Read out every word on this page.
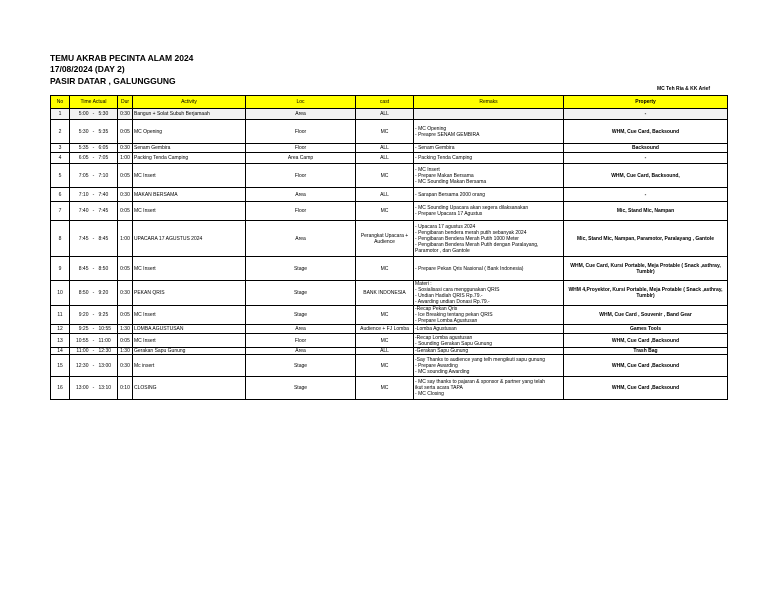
TEMU AKRAB PECINTA ALAM 2024
17/08/2024 (DAY 2)
PASIR DATAR , GALUNGGUNG
MC Teh Ria & KK Arief
No	Time Actual			Dur	Activity	Loc	cast	Remaks	Property
1	5:00	-	5:30	0:30	Bangun + Solat Subuh Berjamaah	Area	ALL		-
2	5:30	-	5:35	0:05	MC Opening	Floor	MC	- MC Opening
- Preapre SENAM GEMBIRA	WHM, Cue Card, Backsound
3	5:35	-	6:05	0:30	Senam Gembira	Floor	ALL	- Senam Gembira	Backsound
4	6:05	-	7:05	1:00	Packing Tenda Camping	Area Camp	ALL	- Packing Tenda Camping	-
5	7:05	-	7:10	0:05	MC Insert	Floor	MC	- MC Insert
- Prepare Makan Bersama
- MC Sounding Makan Bersama	WHM, Cue Card, Backsound,
6	7:10	-	7:40	0:30	MAKAN BERSAMA	Area	ALL	- Sarapan Bersama 2000 orang	-
7	7:40	-	7:45	0:05	MC Insert	Floor	MC	- MC Sounding Upacara akan segera dilaksanakan
- Prepare Upacara 17 Agustus	Mic, Stand Mic, Nampan
8	7:45	-	8:45	1:00	UPACARA 17 AGUSTUS 2024	Area	Perangkat Upacara + Audience	- Upacara 17 agustus 2024
- Pengibaran bendera merah putih sebanyak 2024
- Pengibaran Bendera Merah Putih 1000 Meter
- Pengibaran Bendera Merah Putih dengan Paralayang,
Paramotor , dan Gantole	Mic, Stand Mic, Nampan, Paramotor, Paralayang , Gantole
9	8:45	-	8:50	0:05	MC Insert	Stage	MC	- Prepare Pekan Qris Nasional ( Bank Indonesia)	WHM, Cue Card, Kursi Portable, Meja Protable ( Snack ,asthray, Tumblr)
10	8:50	-	9:20	0:30	PEKAN QRIS	Stage	BANK INDONESIA	Materi :
- Sosialisasi cara menggunakan QRIS
- Undian Hadiah QRIS Rp.79.-
- Awarding undian Donasi Rp.79.-	WHM 4,Proyektor, Kursi Portable, Meja Protable ( Snack ,asthray, Tumblr)
11	9:20	-	9:25	0:05	MC Insert	Stage	MC	-Recap Pekan Qris
- Ice Breaking tentang pekan QRIS
- Prepare Lomba Agustusan	WHM, Cue Card , Souvenir , Band Gear
12	9:25	-	10:55	1:30	LOMBA AGUSTUSAN	Area	Audience + FJ Lomba	-Lomba Agustusan	Games Tools
13	10:55	-	11:00	0:05	MC Insert	Floor	MC	-Recap Lomba agustusan
- Sounding Gerakan Sapu Gunung	WHM, Cue Card ,Backsound
14	11:00	-	12:30	1:30	Gerakan Sapu Gunung	Area	ALL	-Gerakan Sapu Gunung	Trash Bag
15	12:30	-	13:00	0:30	Mc insert	Stage	MC	-Say Thanks to audience yang telh mengikuti sapu gunung
- Prepare Awarding
- MC sounding Awarding	WHM, Cue Card ,Backsound
16	13:00	-	13:10	0:10	CLOSING	Stage	MC	- MC say thanks to pajaran & sponsor & partner yang telah
ikut serta acara TAPA
- MC Closing	WHM, Cue Card ,Backsound
